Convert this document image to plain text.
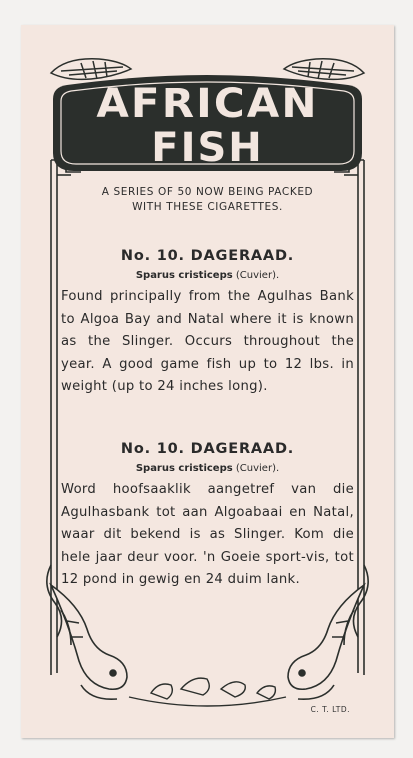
AFRICAN
FISH
A SERIES OF 50 NOW BEING PACKED
WITH THESE CIGARETTES.
No. 10. DAGERAAD.
Sparus cristiceps (Cuvier).
Found principally from the Agulhas Bank to Algoa Bay and Natal where it is known as the Slinger. Occurs throughout the year. A good game fish up to 12 lbs. in weight (up to 24 inches long).
No. 10. DAGERAAD.
Sparus cristiceps (Cuvier).
Word hoofsaaklik aangetref van die Agulhasbank tot aan Algoabaai en Natal, waar dit bekend is as Slinger. Kom die hele jaar deur voor. 'n Goeie sport-vis, tot 12 pond in gewig en 24 duim lank.
C. T. LTD.
